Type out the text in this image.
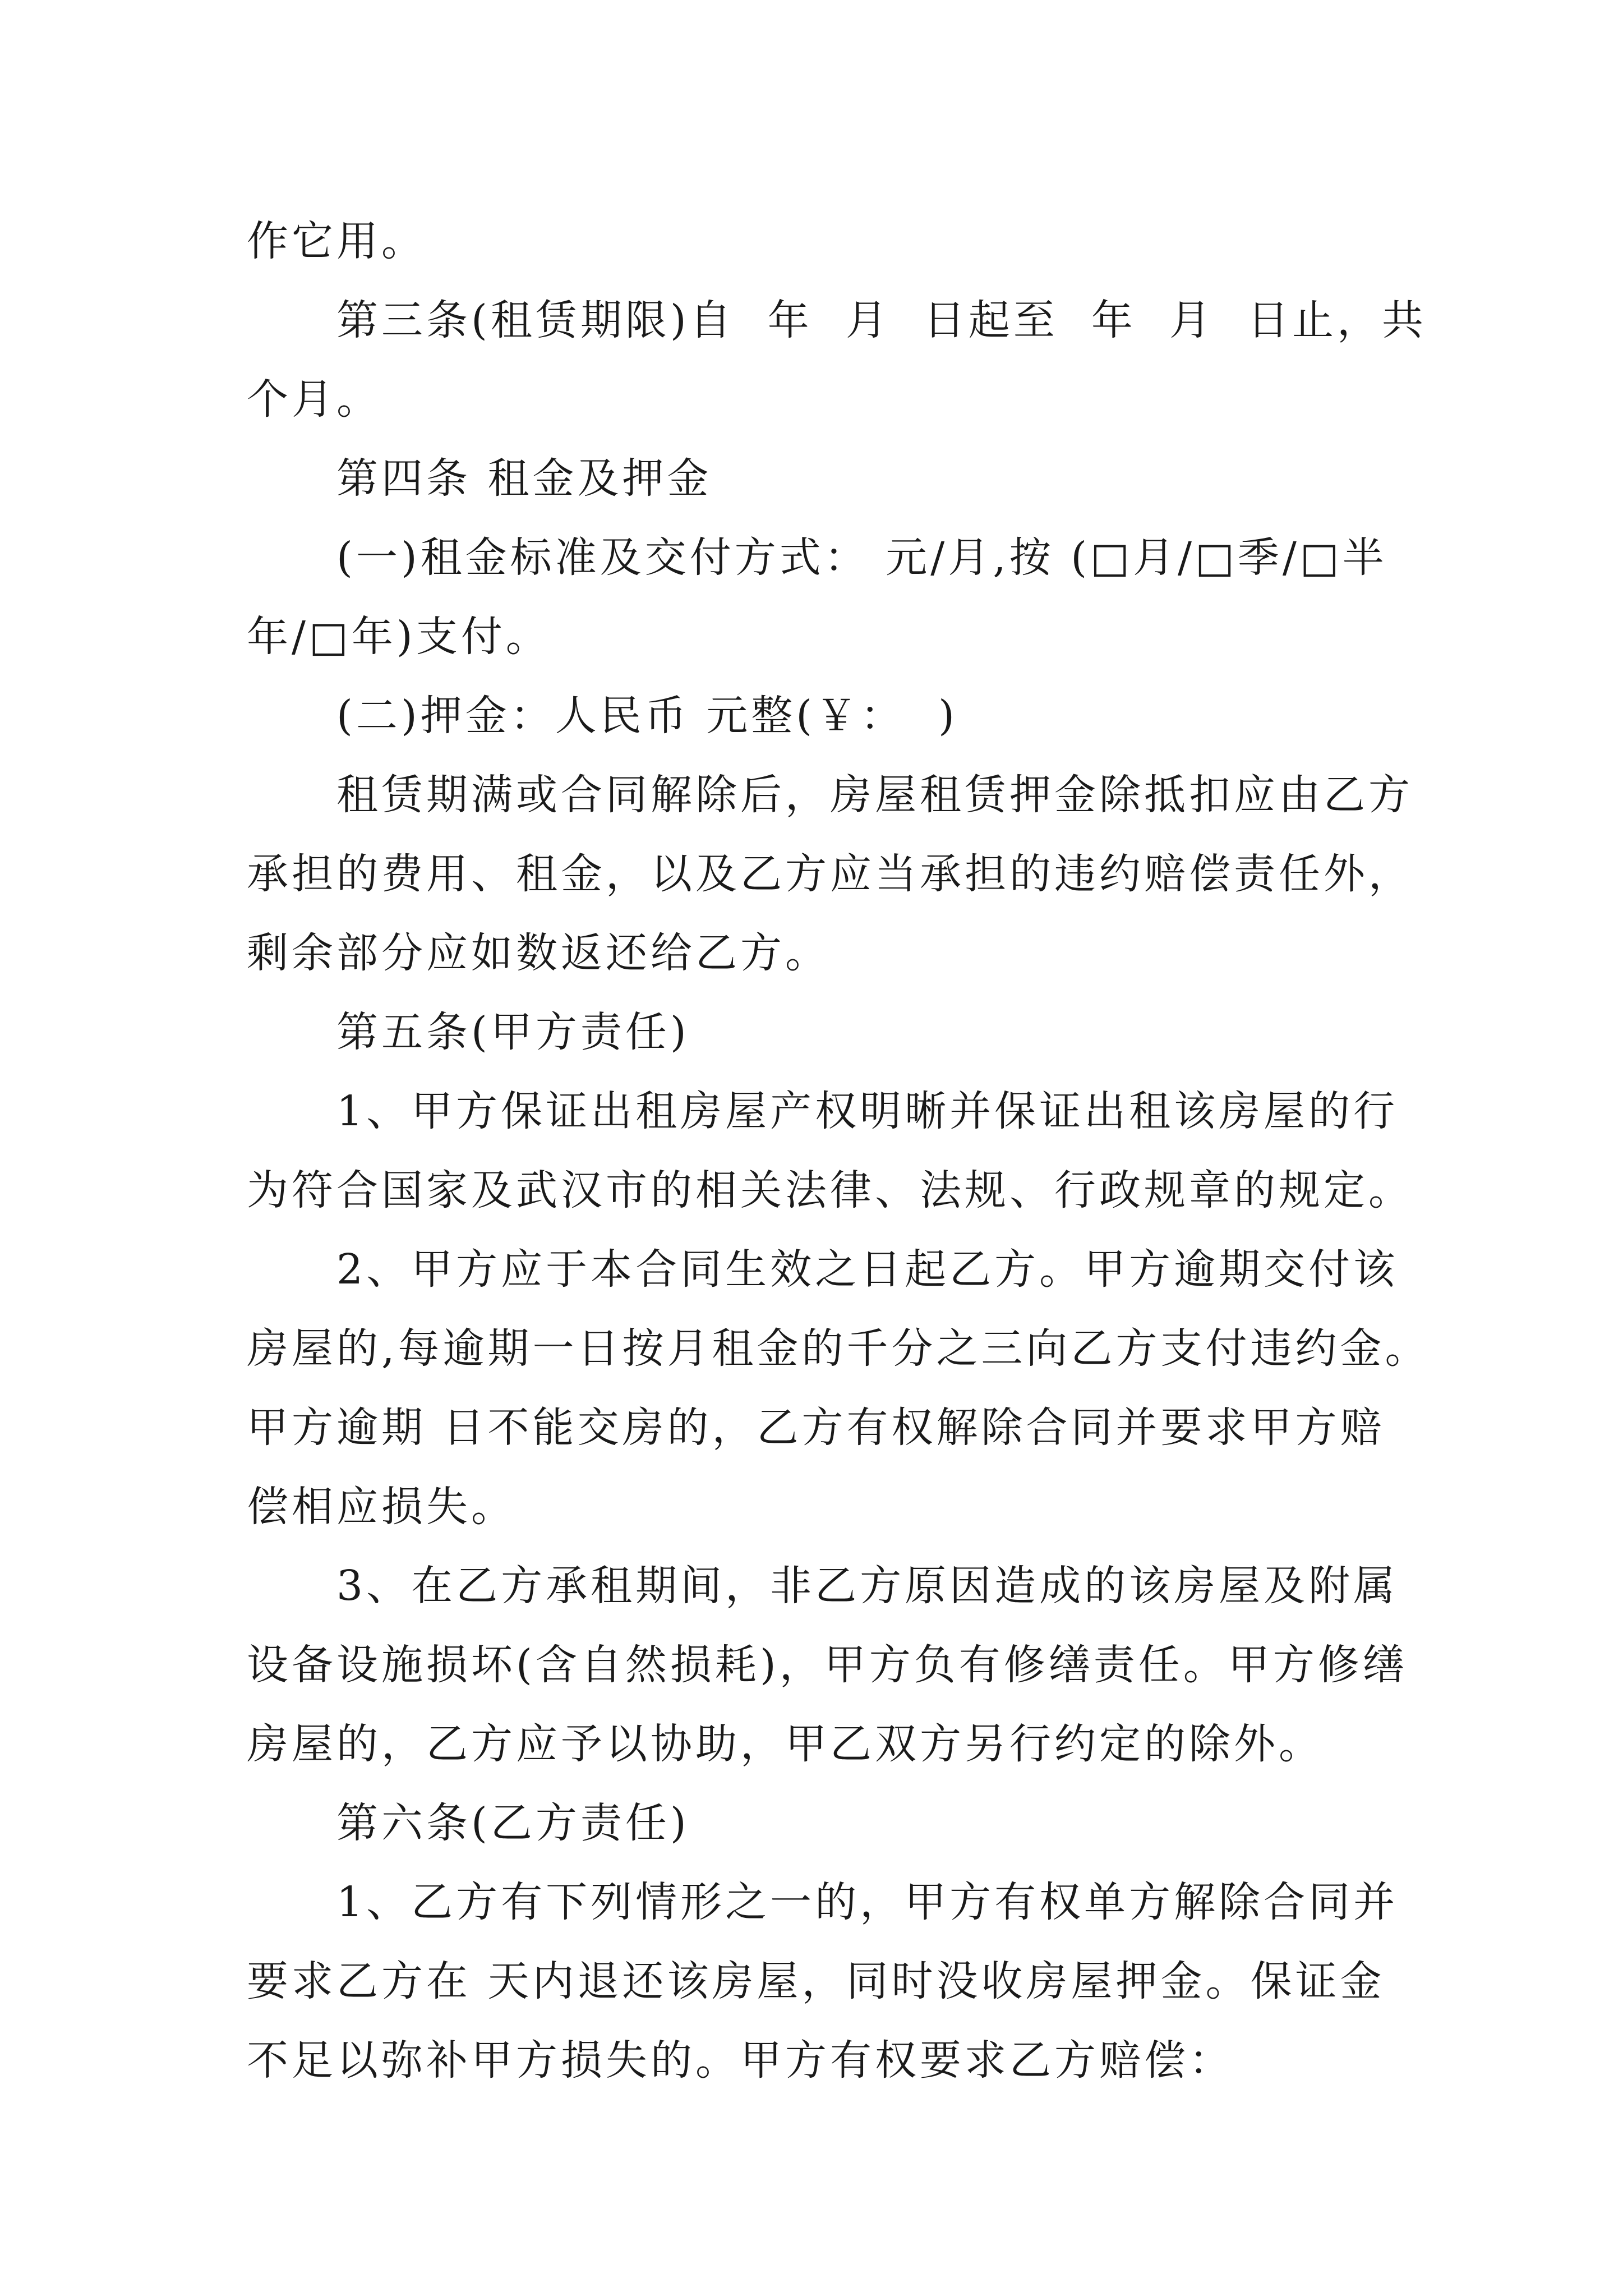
作它用。
第三条(租赁期限)自  年  月  日起至  年  月  日止，共
个月。
第四条 租金及押金
(一)租金标准及交付方式： 元/月,按 (□月/□季/□半
年/□年)支付。
(二)押金：人民币 元整(￥：  )
租赁期满或合同解除后，房屋租赁押金除抵扣应由乙方
承担的费用、租金，以及乙方应当承担的违约赔偿责任外，
剩余部分应如数返还给乙方。
第五条(甲方责任)
1、甲方保证出租房屋产权明晰并保证出租该房屋的行
为符合国家及武汉市的相关法律、法规、行政规章的规定。
2、甲方应于本合同生效之日起乙方。甲方逾期交付该
房屋的,每逾期一日按月租金的千分之三向乙方支付违约金。
甲方逾期 日不能交房的，乙方有权解除合同并要求甲方赔
偿相应损失。
3、在乙方承租期间，非乙方原因造成的该房屋及附属
设备设施损坏(含自然损耗)，甲方负有修缮责任。甲方修缮
房屋的，乙方应予以协助，甲乙双方另行约定的除外。
第六条(乙方责任)
1、乙方有下列情形之一的，甲方有权单方解除合同并
要求乙方在 天内退还该房屋，同时没收房屋押金。保证金
不足以弥补甲方损失的。甲方有权要求乙方赔偿：
